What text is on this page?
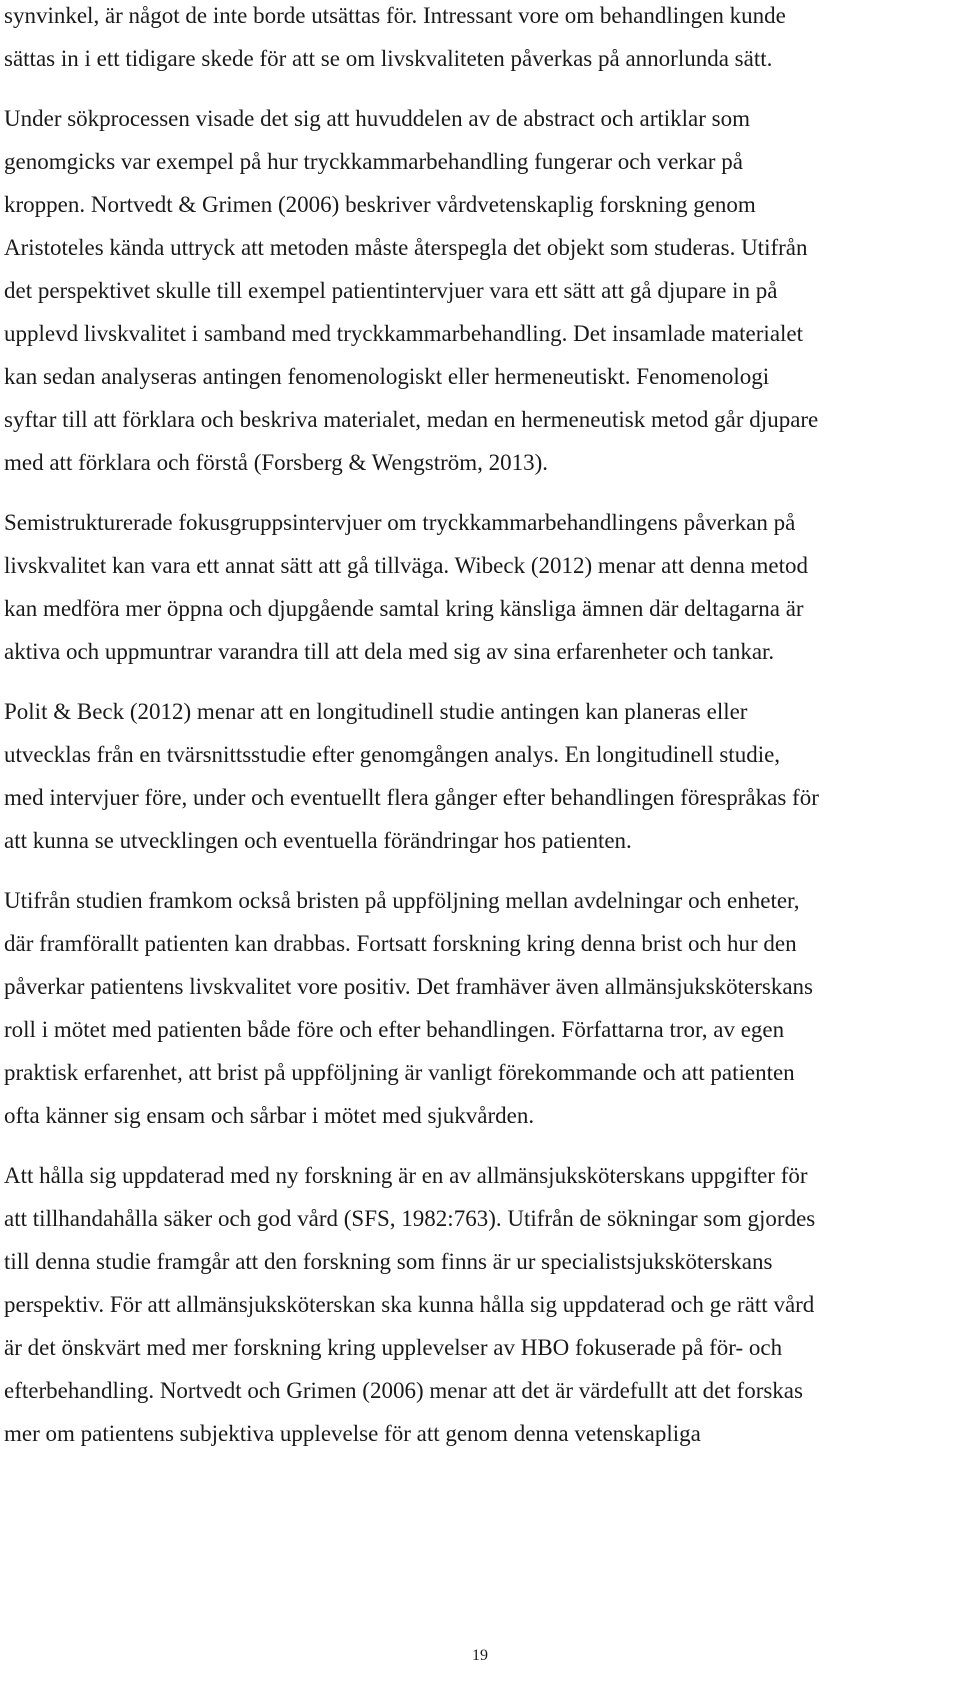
synvinkel, är något de inte borde utsättas för. Intressant vore om behandlingen kunde
sättas in i ett tidigare skede för att se om livskvaliteten påverkas på annorlunda sätt.
Under sökprocessen visade det sig att huvuddelen av de abstract och artiklar som
genomgicks var exempel på hur tryckkammarbehandling fungerar och verkar på
kroppen. Nortvedt & Grimen (2006) beskriver vårdvetenskaplig forskning genom
Aristoteles kända uttryck att metoden måste återspegla det objekt som studeras. Utifrån
det perspektivet skulle till exempel patientintervjuer vara ett sätt att gå djupare in på
upplevd livskvalitet i samband med tryckkammarbehandling. Det insamlade materialet
kan sedan analyseras antingen fenomenologiskt eller hermeneutiskt. Fenomenologi
syftar till att förklara och beskriva materialet, medan en hermeneutisk metod går djupare
med att förklara och förstå (Forsberg & Wengström, 2013).
Semistrukturerade fokusgruppsintervjuer om tryckkammarbehandlingens påverkan på
livskvalitet kan vara ett annat sätt att gå tillväga. Wibeck (2012) menar att denna metod
kan medföra mer öppna och djupgående samtal kring känsliga ämnen där deltagarna är
aktiva och uppmuntrar varandra till att dela med sig av sina erfarenheter och tankar.
Polit & Beck (2012) menar att en longitudinell studie antingen kan planeras eller
utvecklas från en tvärsnittsstudie efter genomgången analys. En longitudinell studie,
med intervjuer före, under och eventuellt flera gånger efter behandlingen förespråkas för
att kunna se utvecklingen och eventuella förändringar hos patienten.
Utifrån studien framkom också bristen på uppföljning mellan avdelningar och enheter,
där framförallt patienten kan drabbas. Fortsatt forskning kring denna brist och hur den
påverkar patientens livskvalitet vore positiv. Det framhäver även allmänsjuksköterskans
roll i mötet med patienten både före och efter behandlingen. Författarna tror, av egen
praktisk erfarenhet, att brist på uppföljning är vanligt förekommande och att patienten
ofta känner sig ensam och sårbar i mötet med sjukvården.
Att hålla sig uppdaterad med ny forskning är en av allmänsjuksköterskans uppgifter för
att tillhandahålla säker och god vård (SFS, 1982:763). Utifrån de sökningar som gjordes
till denna studie framgår att den forskning som finns är ur specialistsjuksköterskans
perspektiv. För att allmänsjuksköterskan ska kunna hålla sig uppdaterad och ge rätt vård
är det önskvärt med mer forskning kring upplevelser av HBO fokuserade på för- och
efterbehandling. Nortvedt och Grimen (2006) menar att det är värdefullt att det forskas
mer om patientens subjektiva upplevelse för att genom denna vetenskapliga
19
